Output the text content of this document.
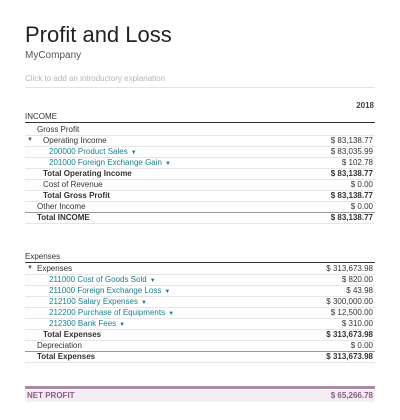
Profit and Loss
MyCompany
Click to add an introductory explanation
2018
INCOME
Gross Profit
▼ Operating Income	$ 83,138.77
200000 Product Sales ▼	$ 83,035.99
201000 Foreign Exchange Gain ▼	$ 102.78
Total Operating Income	$ 83,138.77
Cost of Revenue	$ 0.00
Total Gross Profit	$ 83,138.77
Other Income	$ 0.00
Total INCOME	$ 83,138.77
Expenses
▼ Expenses	$ 313,673.98
211000 Cost of Goods Sold ▼	$ 820.00
211000 Foreign Exchange Loss ▼	$ 43.98
212100 Salary Expenses ▼	$ 300,000.00
212200 Purchase of Equipments ▼	$ 12,500.00
212300 Bank Fees ▼	$ 310.00
Total Expenses	$ 313,673.98
Depreciation	$ 0.00
Total Expenses	$ 313,673.98
NET PROFIT	$ 65,266.78
